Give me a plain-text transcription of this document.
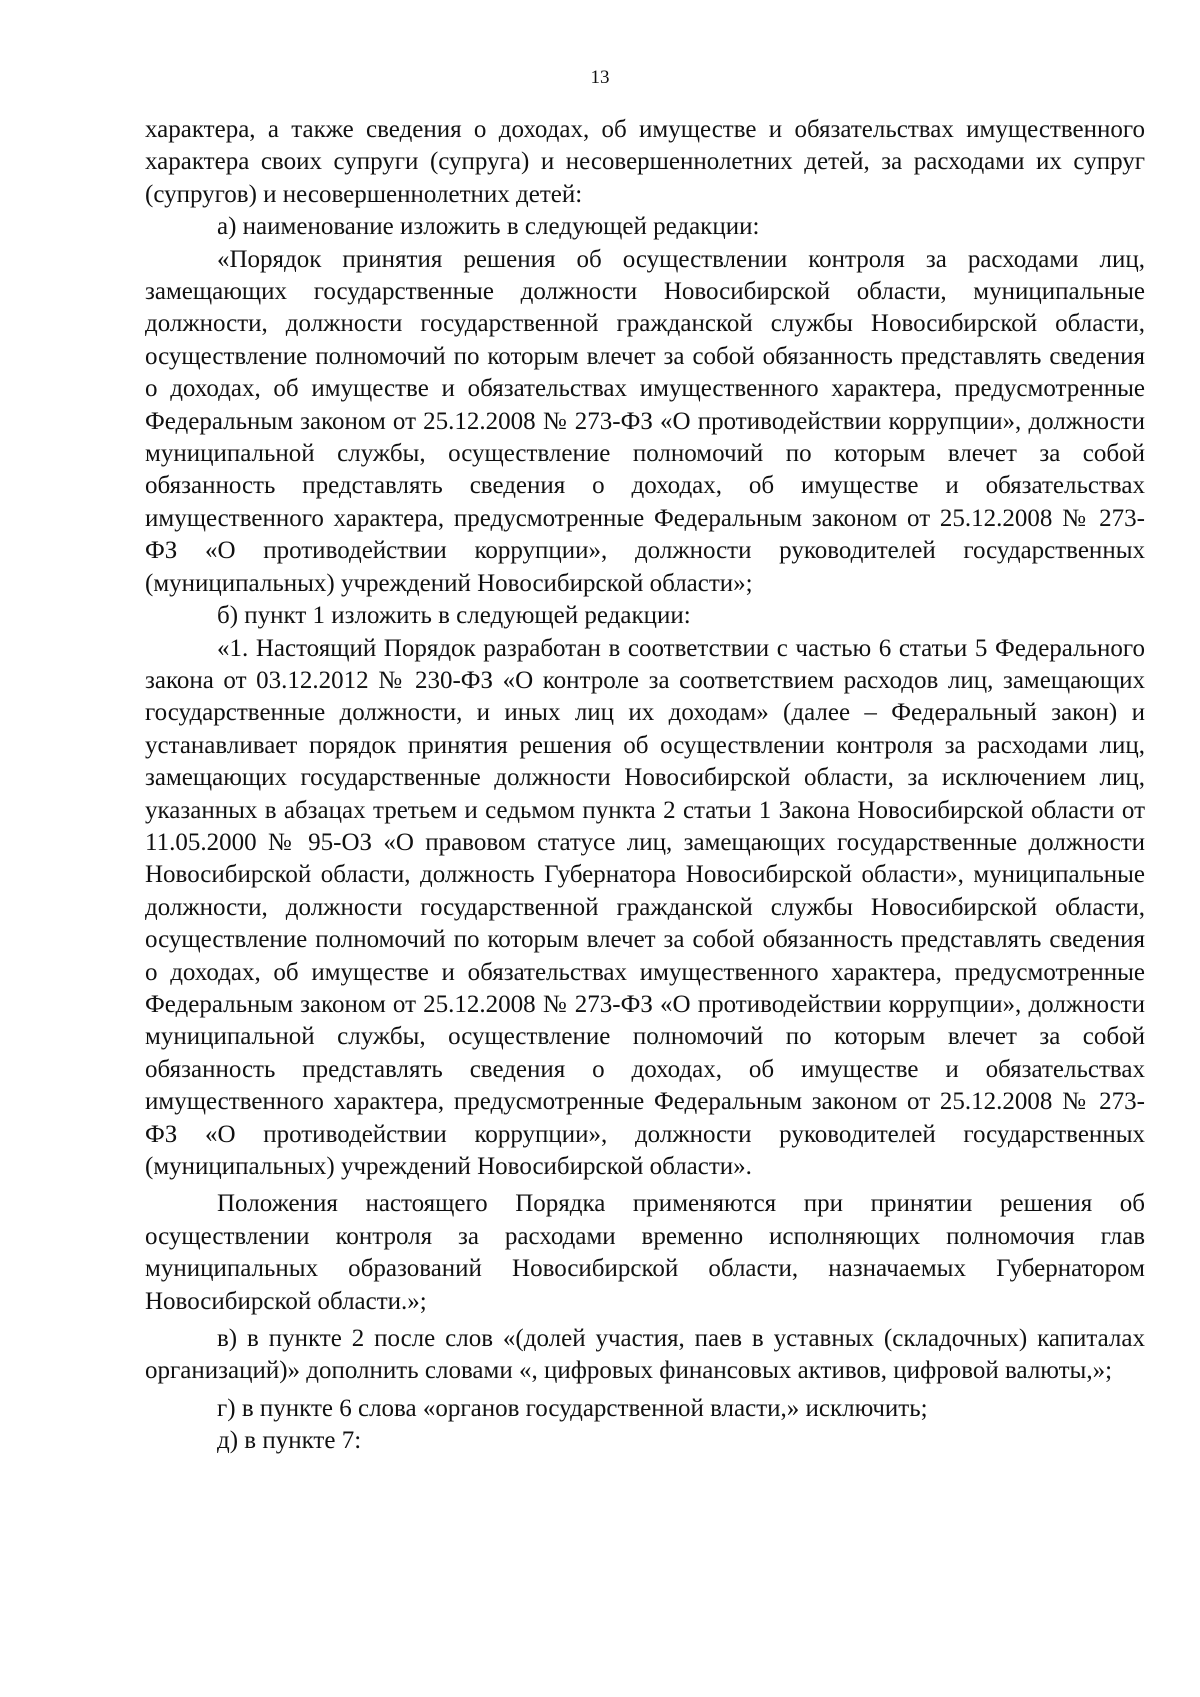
13

характера, а также сведения о доходах, об имуществе и обязательствах имущественного характера своих супруги (супруга) и несовершеннолетних детей, за расходами их супруг (супругов) и несовершеннолетних детей:

а) наименование изложить в следующей редакции:

«Порядок принятия решения об осуществлении контроля за расходами лиц, замещающих государственные должности Новосибирской области, муниципальные должности, должности государственной гражданской службы Новосибирской области, осуществление полномочий по которым влечет за собой обязанность представлять сведения о доходах, об имуществе и обязательствах имущественного характера, предусмотренные Федеральным законом от 25.12.2008 № 273-ФЗ «О противодействии коррупции», должности муниципальной службы, осуществление полномочий по которым влечет за собой обязанность представлять сведения о доходах, об имуществе и обязательствах имущественного характера, предусмотренные Федеральным законом от 25.12.2008 № 273-ФЗ «О противодействии коррупции», должности руководителей государственных (муниципальных) учреждений Новосибирской области»;

б) пункт 1 изложить в следующей редакции:

«1. Настоящий Порядок разработан в соответствии с частью 6 статьи 5 Федерального закона от 03.12.2012 № 230-ФЗ «О контроле за соответствием расходов лиц, замещающих государственные должности, и иных лиц их доходам» (далее – Федеральный закон) и устанавливает порядок принятия решения об осуществлении контроля за расходами лиц, замещающих государственные должности Новосибирской области, за исключением лиц, указанных в абзацах третьем и седьмом пункта 2 статьи 1 Закона Новосибирской области от 11.05.2000 № 95-ОЗ «О правовом статусе лиц, замещающих государственные должности Новосибирской области, должность Губернатора Новосибирской области», муниципальные должности, должности государственной гражданской службы Новосибирской области, осуществление полномочий по которым влечет за собой обязанность представлять сведения о доходах, об имуществе и обязательствах имущественного характера, предусмотренные Федеральным законом от 25.12.2008 № 273-ФЗ «О противодействии коррупции», должности муниципальной службы, осуществление полномочий по которым влечет за собой обязанность представлять сведения о доходах, об имуществе и обязательствах имущественного характера, предусмотренные Федеральным законом от 25.12.2008 № 273-ФЗ «О противодействии коррупции», должности руководителей государственных (муниципальных) учреждений Новосибирской области».

Положения настоящего Порядка применяются при принятии решения об осуществлении контроля за расходами временно исполняющих полномочия глав муниципальных образований Новосибирской области, назначаемых Губернатором Новосибирской области.»;

в) в пункте 2 после слов «(долей участия, паев в уставных (складочных) капиталах организаций)» дополнить словами «, цифровых финансовых активов, цифровой валюты,»;

г) в пункте 6 слова «органов государственной власти,» исключить;

д) в пункте 7:
